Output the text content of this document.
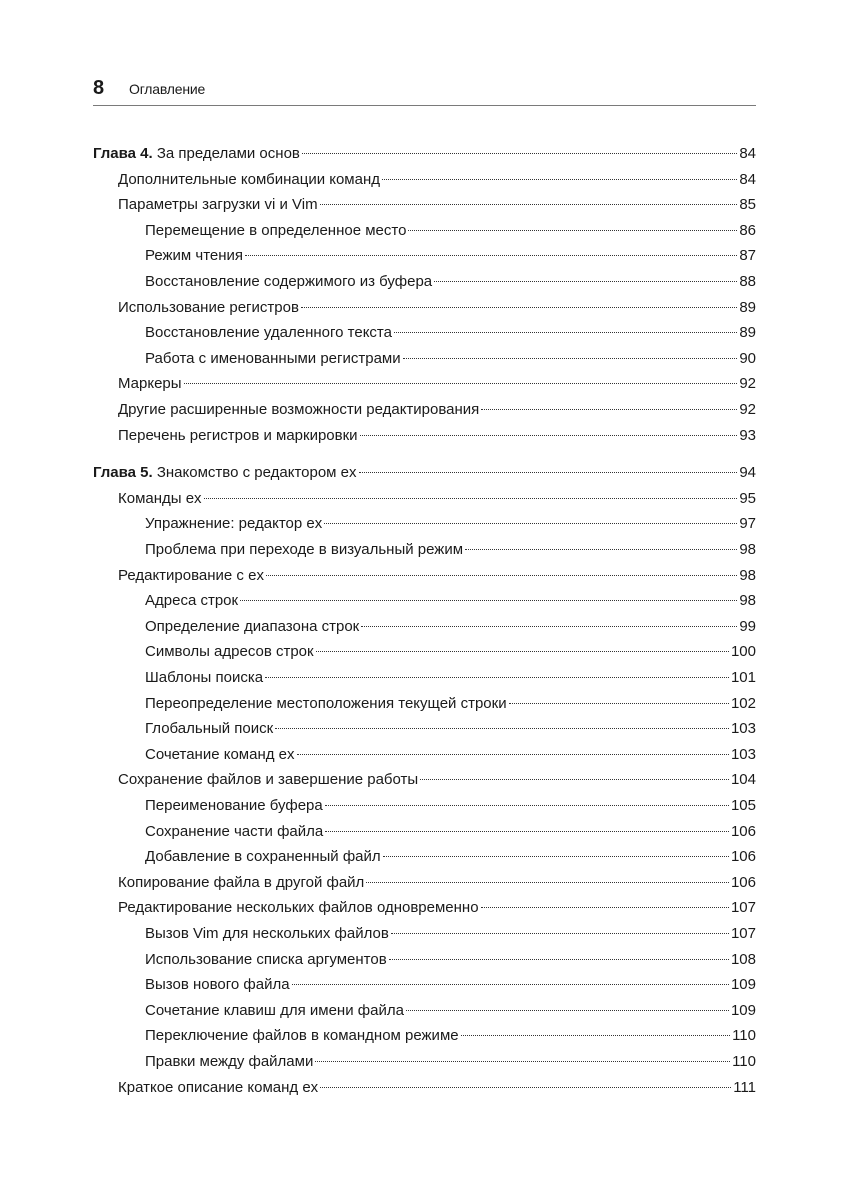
8 Оглавление
Глава 4. За пределами основ	84
Дополнительные комбинации команд	84
Параметры загрузки vi и Vim	85
Перемещение в определенное место	86
Режим чтения	87
Восстановление содержимого из буфера	88
Использование регистров	89
Восстановление удаленного текста	89
Работа с именованными регистрами	90
Маркеры	92
Другие расширенные возможности редактирования	92
Перечень регистров и маркировки	93
Глава 5. Знакомство с редактором ex	94
Команды ex	95
Упражнение: редактор ex	97
Проблема при переходе в визуальный режим	98
Редактирование с ex	98
Адреса строк	98
Определение диапазона строк	99
Символы адресов строк	100
Шаблоны поиска	101
Переопределение местоположения текущей строки	102
Глобальный поиск	103
Сочетание команд ex	103
Сохранение файлов и завершение работы	104
Переименование буфера	105
Сохранение части файла	106
Добавление в сохраненный файл	106
Копирование файла в другой файл	106
Редактирование нескольких файлов одновременно	107
Вызов Vim для нескольких файлов	107
Использование списка аргументов	108
Вызов нового файла	109
Сочетание клавиш для имени файла	109
Переключение файлов в командном режиме	110
Правки между файлами	110
Краткое описание команд ex	111
